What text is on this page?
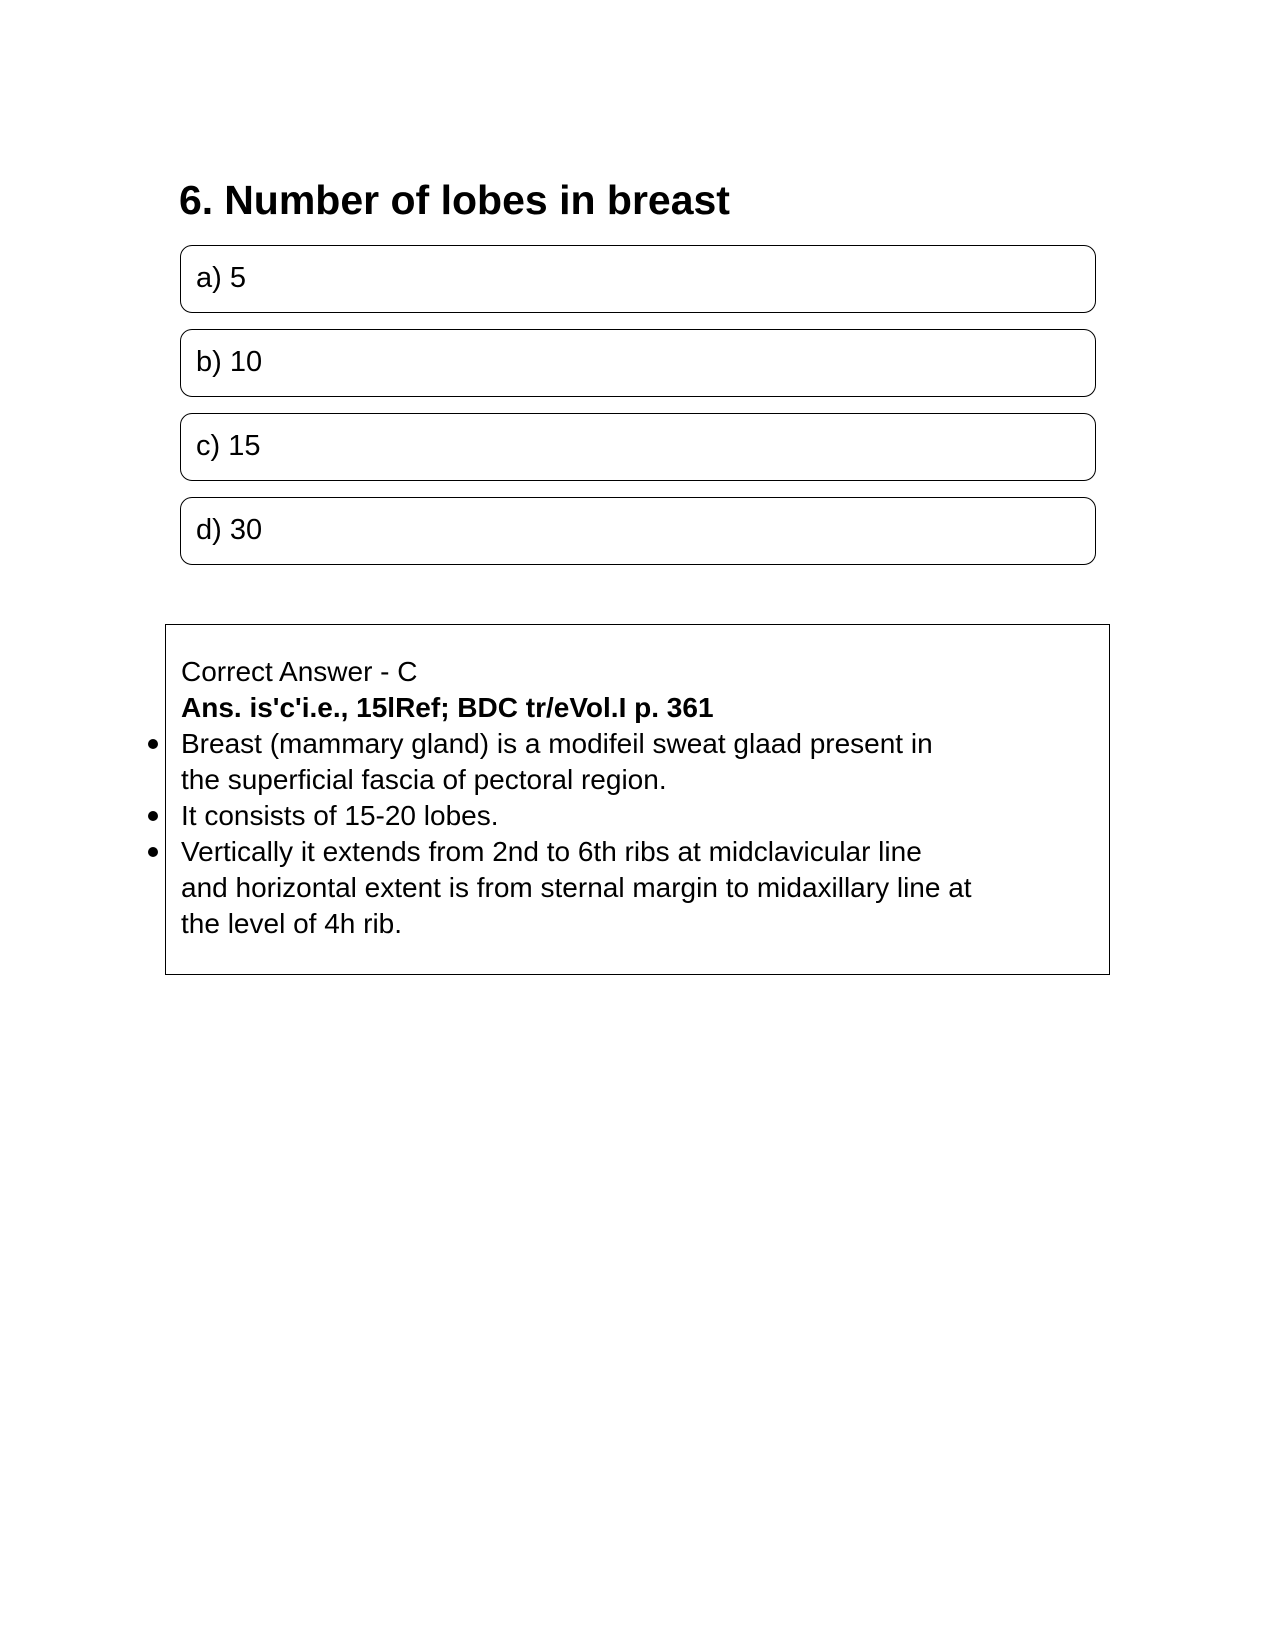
6. Number of lobes in breast
a) 5
b) 10
c) 15
d) 30

Correct Answer - C

Ans. is'c'i.e., 15lRef; BDC tr/eVol.I p. 361

Breast (mammary gland) is a modifeil sweat glaad present in
the superficial fascia of pectoral region.
It consists of 15-20 lobes.
Vertically it extends from 2nd to 6th ribs at midclavicular line
and horizontal extent is from sternal margin to midaxillary line at
the level of 4h rib.
